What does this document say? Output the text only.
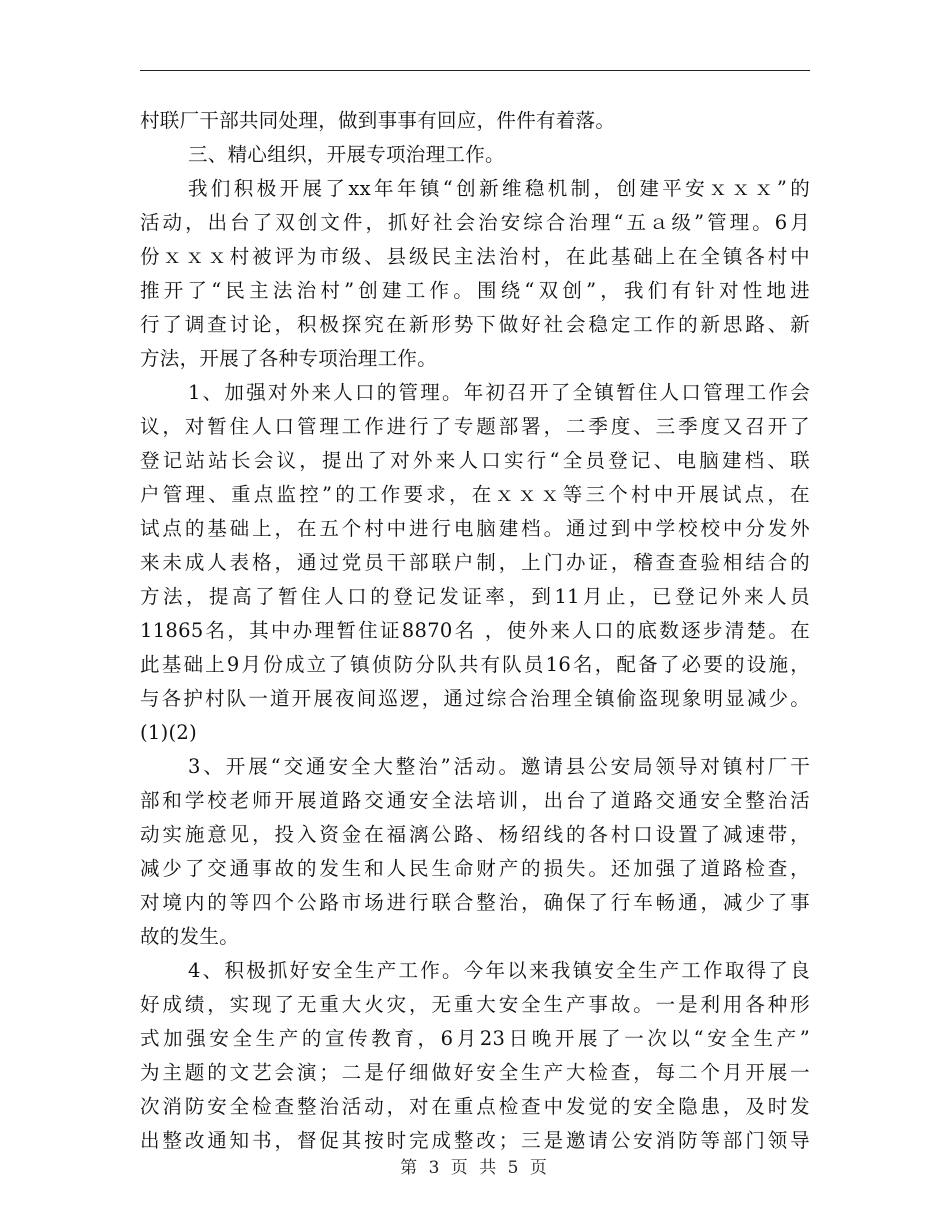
村联厂干部共同处理，做到事事有回应，件件有着落。
三、精心组织，开展专项治理工作。
我们积极开展了xx年年镇“创新维稳机制，创建平安ｘｘｘ”的
活动，出台了双创文件，抓好社会治安综合治理“五ａ级”管理。6月
份ｘｘｘ村被评为市级、县级民主法治村，在此基础上在全镇各村中
推开了“民主法治村”创建工作。围绕“双创”，我们有针对性地进
行了调查讨论，积极探究在新形势下做好社会稳定工作的新思路、新
方法，开展了各种专项治理工作。
1、加强对外来人口的管理。年初召开了全镇暂住人口管理工作会
议，对暂住人口管理工作进行了专题部署，二季度、三季度又召开了
登记站站长会议，提出了对外来人口实行“全员登记、电脑建档、联
户管理、重点监控”的工作要求，在ｘｘｘ等三个村中开展试点，在
试点的基础上，在五个村中进行电脑建档。通过到中学校校中分发外
来未成人表格，通过党员干部联户制，上门办证，稽查查验相结合的
方法，提高了暂住人口的登记发证率，到11月止，已登记外来人员
11865名，其中办理暂住证8870名 ，使外来人口的底数逐步清楚。在
此基础上9月份成立了镇侦防分队共有队员16名，配备了必要的设施，
与各护村队一道开展夜间巡逻，通过综合治理全镇偷盗现象明显减少。
(1)(2)
3、开展“交通安全大整治”活动。邀请县公安局领导对镇村厂干
部和学校老师开展道路交通安全法培训，出台了道路交通安全整治活
动实施意见，投入资金在福漓公路、杨绍线的各村口设置了减速带，
减少了交通事故的发生和人民生命财产的损失。还加强了道路检查，
对境内的等四个公路市场进行联合整治，确保了行车畅通，减少了事
故的发生。
4、积极抓好安全生产工作。今年以来我镇安全生产工作取得了良
好成绩，实现了无重大火灾，无重大安全生产事故。一是利用各种形
式加强安全生产的宣传教育，6月23日晚开展了一次以“安全生产”
为主题的文艺会演；二是仔细做好安全生产大检查，每二个月开展一
次消防安全检查整治活动，对在重点检查中发觉的安全隐患，及时发
出整改通知书，督促其按时完成整改；三是邀请公安消防等部门领导
第 3 页 共 5 页
